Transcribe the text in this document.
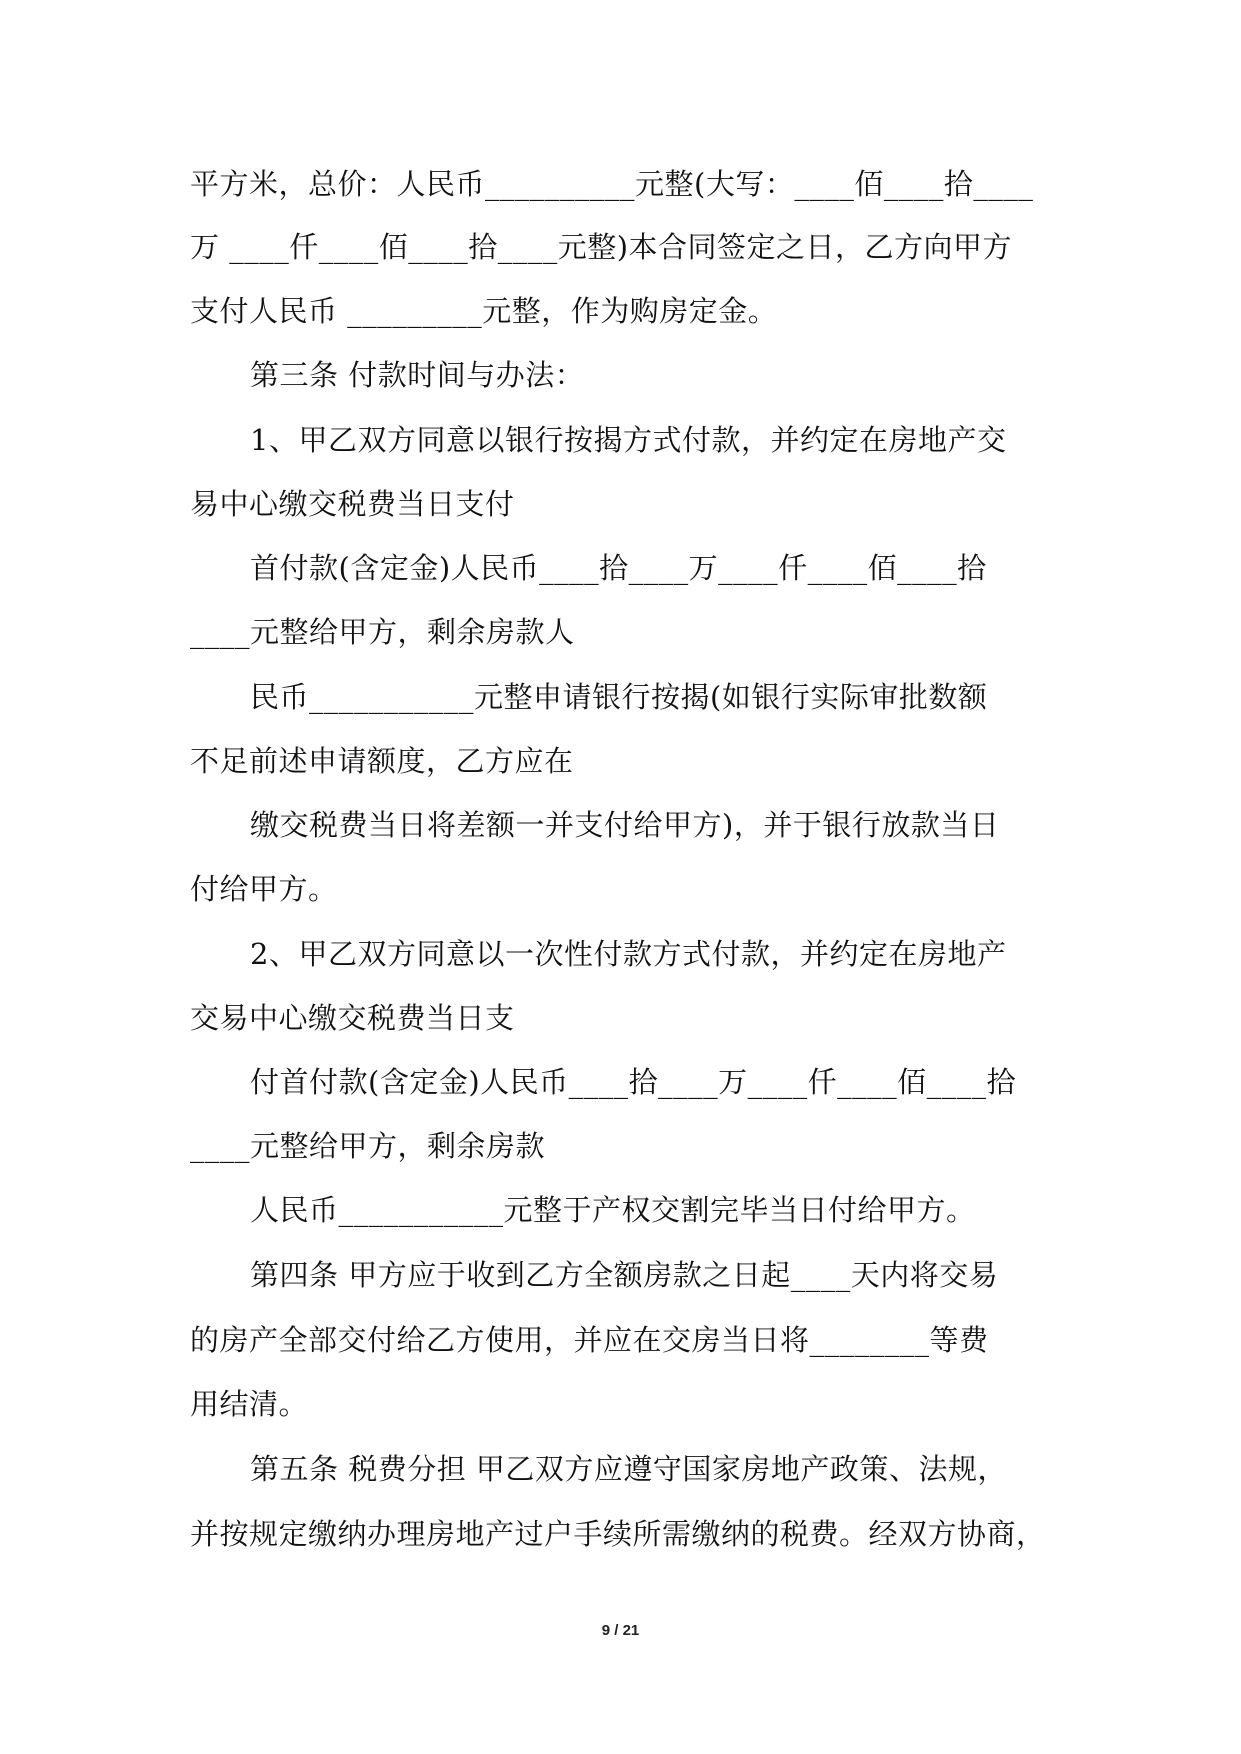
平方米，总价：人民币__________元整(大写：____佰____拾____
万 ____仟____佰____拾____元整)本合同签定之日，乙方向甲方
支付人民币 _________元整，作为购房定金。
第三条 付款时间与办法：
1、甲乙双方同意以银行按揭方式付款，并约定在房地产交
易中心缴交税费当日支付
首付款(含定金)人民币____拾____万____仟____佰____拾
____元整给甲方，剩余房款人
民币___________元整申请银行按揭(如银行实际审批数额
不足前述申请额度，乙方应在
缴交税费当日将差额一并支付给甲方)，并于银行放款当日
付给甲方。
2、甲乙双方同意以一次性付款方式付款，并约定在房地产
交易中心缴交税费当日支
付首付款(含定金)人民币____拾____万____仟____佰____拾
____元整给甲方，剩余房款
人民币___________元整于产权交割完毕当日付给甲方。
第四条 甲方应于收到乙方全额房款之日起____天内将交易
的房产全部交付给乙方使用，并应在交房当日将________等费
用结清。
第五条 税费分担 甲乙双方应遵守国家房地产政策、法规，
并按规定缴纳办理房地产过户手续所需缴纳的税费。经双方协商，
9 / 21
